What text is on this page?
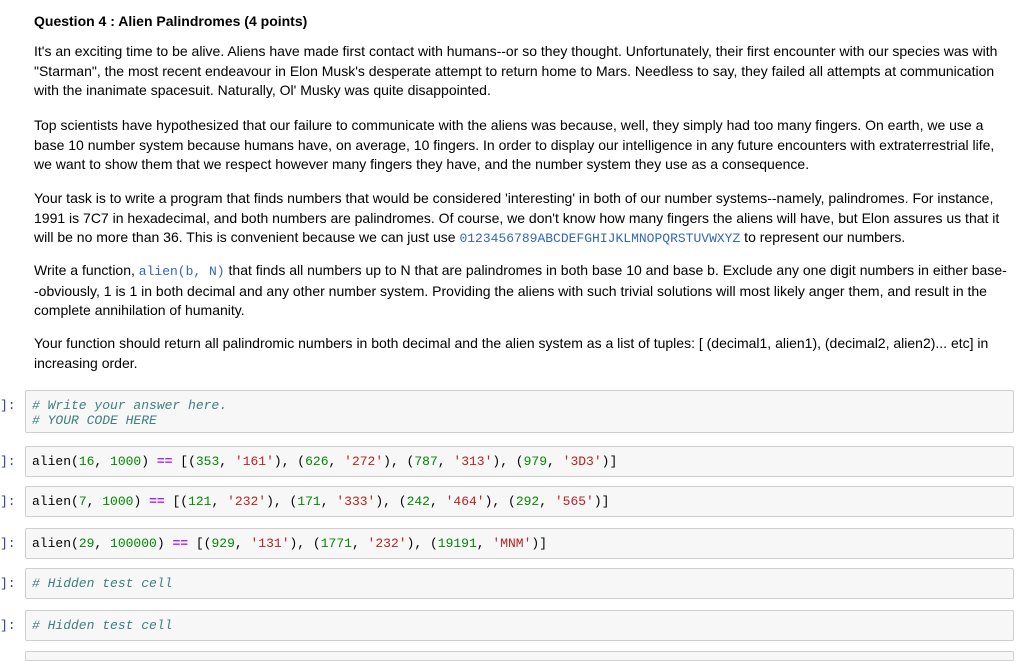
Question 4 : Alien Palindromes (4 points)
It's an exciting time to be alive. Aliens have made first contact with humans--or so they thought. Unfortunately, their first encounter with our species was with "Starman", the most recent endeavour in Elon Musk's desperate attempt to return home to Mars. Needless to say, they failed all attempts at communication with the inanimate spacesuit. Naturally, Ol' Musky was quite disappointed.
Top scientists have hypothesized that our failure to communicate with the aliens was because, well, they simply had too many fingers. On earth, we use a base 10 number system because humans have, on average, 10 fingers. In order to display our intelligence in any future encounters with extraterrestrial life, we want to show them that we respect however many fingers they have, and the number system they use as a consequence.
Your task is to write a program that finds numbers that would be considered 'interesting' in both of our number systems--namely, palindromes. For instance, 1991 is 7C7 in hexadecimal, and both numbers are palindromes. Of course, we don't know how many fingers the aliens will have, but Elon assures us that it will be no more than 36. This is convenient because we can just use 0123456789ABCDEFGHIJKLMNOPQRSTUVWXYZ to represent our numbers.
Write a function, alien(b, N) that finds all numbers up to N that are palindromes in both base 10 and base b. Exclude any one digit numbers in either base--obviously, 1 is 1 in both decimal and any other number system. Providing the aliens with such trivial solutions will most likely anger them, and result in the complete annihilation of humanity.
Your function should return all palindromic numbers in both decimal and the alien system as a list of tuples: [ (decimal1, alien1), (decimal2, alien2)... etc] in increasing order.
]:	# Write your answer here.
# YOUR CODE HERE
]:	alien(16, 1000) == [(353, '161'), (626, '272'), (787, '313'), (979, '3D3')]
]:	alien(7, 1000) == [(121, '232'), (171, '333'), (242, '464'), (292, '565')]
]:	alien(29, 100000) == [(929, '131'), (1771, '232'), (19191, 'MNM')]
]:	# Hidden test cell
]:	# Hidden test cell
